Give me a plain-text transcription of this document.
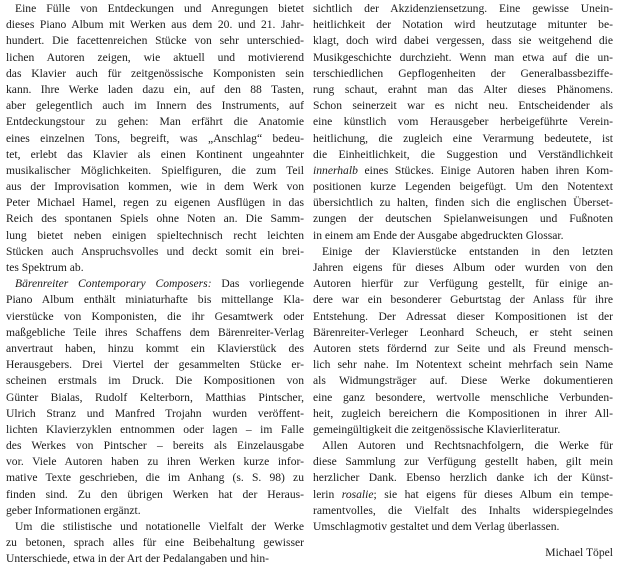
Eine Fülle von Entdeckungen und Anregungen bietet
dieses Piano Album mit Werken aus dem 20. und 21. Jahr-
hundert. Die facettenreichen Stücke von sehr unterschied-
lichen Autoren zeigen, wie aktuell und motivierend
das Klavier auch für zeitgenössische Komponisten sein
kann. Ihre Werke laden dazu ein, auf den 88 Tasten,
aber gelegentlich auch im Innern des Instruments, auf
Entdeckungstour zu gehen: Man erfährt die Anatomie
eines einzelnen Tons, begreift, was „Anschlag“ bedeu-
tet, erlebt das Klavier als einen Kontinent ungeahnter
musikalischer Möglichkeiten. Spielfiguren, die zum Teil
aus der Improvisation kommen, wie in dem Werk von
Peter Michael Hamel, regen zu eigenen Ausflügen in das
Reich des spontanen Spiels ohne Noten an. Die Samm-
lung bietet neben einigen spieltechnisch recht leichten
Stücken auch Anspruchsvolles und deckt somit ein brei-
tes Spektrum ab.
Bärenreiter Contemporary Composers: Das vorliegende
Piano Album enthält miniaturhafte bis mittellange Kla-
vierstücke von Komponisten, die ihr Gesamtwerk oder
maßgebliche Teile ihres Schaffens dem Bärenreiter-Verlag
anvertraut haben, hinzu kommt ein Klavierstück des
Herausgebers. Drei Viertel der gesammelten Stücke er-
scheinen erstmals im Druck. Die Kompositionen von
Günter Bialas, Rudolf Kelterborn, Matthias Pintscher,
Ulrich Stranz und Manfred Trojahn wurden veröffent-
lichten Klavierzyklen entnommen oder lagen – im Falle
des Werkes von Pintscher – bereits als Einzelausgabe
vor. Viele Autoren haben zu ihren Werken kurze infor-
mative Texte geschrieben, die im Anhang (s. S. 98) zu
finden sind. Zu den übrigen Werken hat der Heraus-
geber Informationen ergänzt.
Um die stilistische und notationelle Vielfalt der Werke
zu betonen, sprach alles für eine Beibehaltung gewisser
Unterschiede, etwa in der Art der Pedalangaben und hin-
sichtlich der Akzidenziensetzung. Eine gewisse Unein-
heitlichkeit der Notation wird heutzutage mitunter be-
klagt, doch wird dabei vergessen, dass sie weitgehend die
Musikgeschichte durchzieht. Wenn man etwa auf die un-
terschiedlichen Gepflogenheiten der Generalbassbeziffe-
rung schaut, erahnt man das Alter dieses Phänomens.
Schon seinerzeit war es nicht neu. Entscheidender als
eine künstlich vom Herausgeber herbeigeführte Verein-
heitlichung, die zugleich eine Verarmung bedeutete, ist
die Einheitlichkeit, die Suggestion und Verständlichkeit
innerhalb eines Stückes. Einige Autoren haben ihren Kom-
positionen kurze Legenden beigefügt. Um den Notentext
übersichtlich zu halten, finden sich die englischen Überset-
zungen der deutschen Spielanweisungen und Fußnoten
in einem am Ende der Ausgabe abgedruckten Glossar.
Einige der Klavierstücke entstanden in den letzten
Jahren eigens für dieses Album oder wurden von den
Autoren hierfür zur Verfügung gestellt, für einige an-
dere war ein besonderer Geburtstag der Anlass für ihre
Entstehung. Der Adressat dieser Kompositionen ist der
Bärenreiter-Verleger Leonhard Scheuch, er steht seinen
Autoren stets fördernd zur Seite und als Freund mensch-
lich sehr nahe. Im Notentext scheint mehrfach sein Name
als Widmungsträger auf. Diese Werke dokumentieren
eine ganz besondere, wertvolle menschliche Verbunden-
heit, zugleich bereichern die Kompositionen in ihrer All-
gemeingültigkeit die zeitgenössische Klavierliteratur.
Allen Autoren und Rechtsnachfolgern, die Werke für
diese Sammlung zur Verfügung gestellt haben, gilt mein
herzlicher Dank. Ebenso herzlich danke ich der Künst-
lerin rosalie; sie hat eigens für dieses Album ein tempe-
ramentvolles, die Vielfalt des Inhalts widerspiegelndes
Umschlagmotiv gestaltet und dem Verlag überlassen.
Michael Töpel
